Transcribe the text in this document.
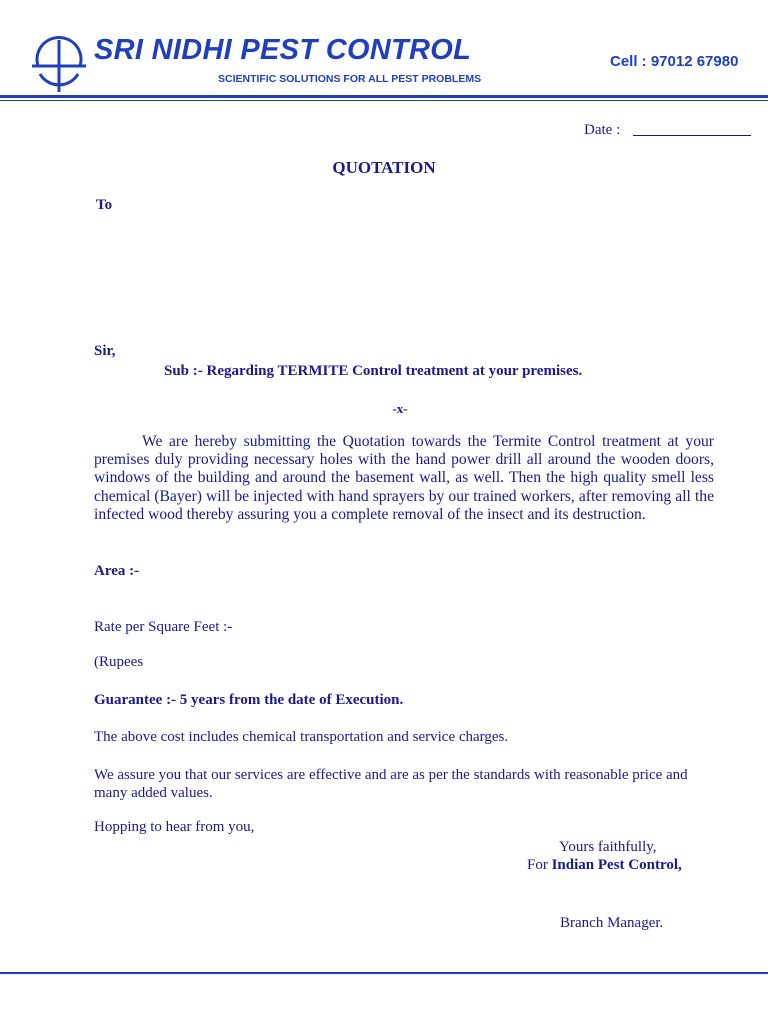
SRI NIDHI PEST CONTROL
SCIENTIFIC SOLUTIONS FOR ALL PEST PROBLEMS
Cell : 97012 67980
Date :
QUOTATION
To
Sir,
Sub :- Regarding TERMITE Control treatment at your premises.
-x-
We are hereby submitting the Quotation towards the Termite Control treatment at your premises duly providing necessary holes with the hand power drill all around the wooden doors, windows of the building and around the basement wall, as well. Then the high quality smell less chemical (Bayer) will be injected with hand sprayers by our trained workers, after removing all the infected wood thereby assuring you a complete removal of the insect and its destruction.
Area :-
Rate per Square Feet :-
(Rupees
Guarantee :- 5 years from the date of Execution.
The above cost includes chemical transportation and service charges.
We assure you that our services are effective and are as per the standards with reasonable price and many added values.
Hopping to hear from you,
Yours faithfully,
For Indian Pest Control,
Branch Manager.
